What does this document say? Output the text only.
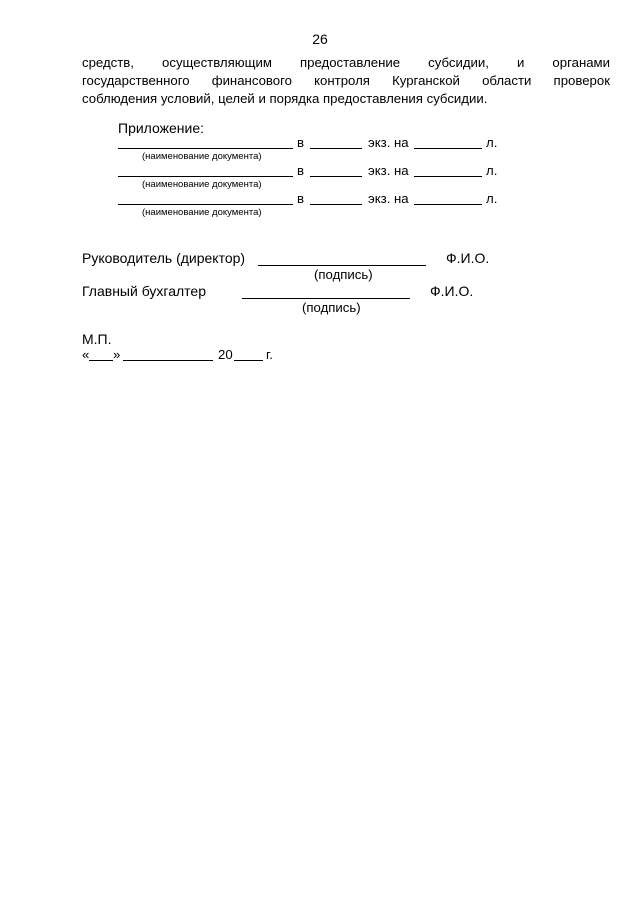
26
средств, осуществляющим предоставление субсидии, и органами
государственного финансового контроля Курганской области проверок
соблюдения условий, целей и порядка предоставления субсидии.
Приложение:
в	экз. на	л.
(наименование документа)
в	экз. на	л.
(наименование документа)
в	экз. на	л.
(наименование документа)
Руководитель (директор)	Ф.И.О.
(подпись)
Главный бухгалтер	Ф.И.О.
(подпись)
М.П.
« »	20	г.
